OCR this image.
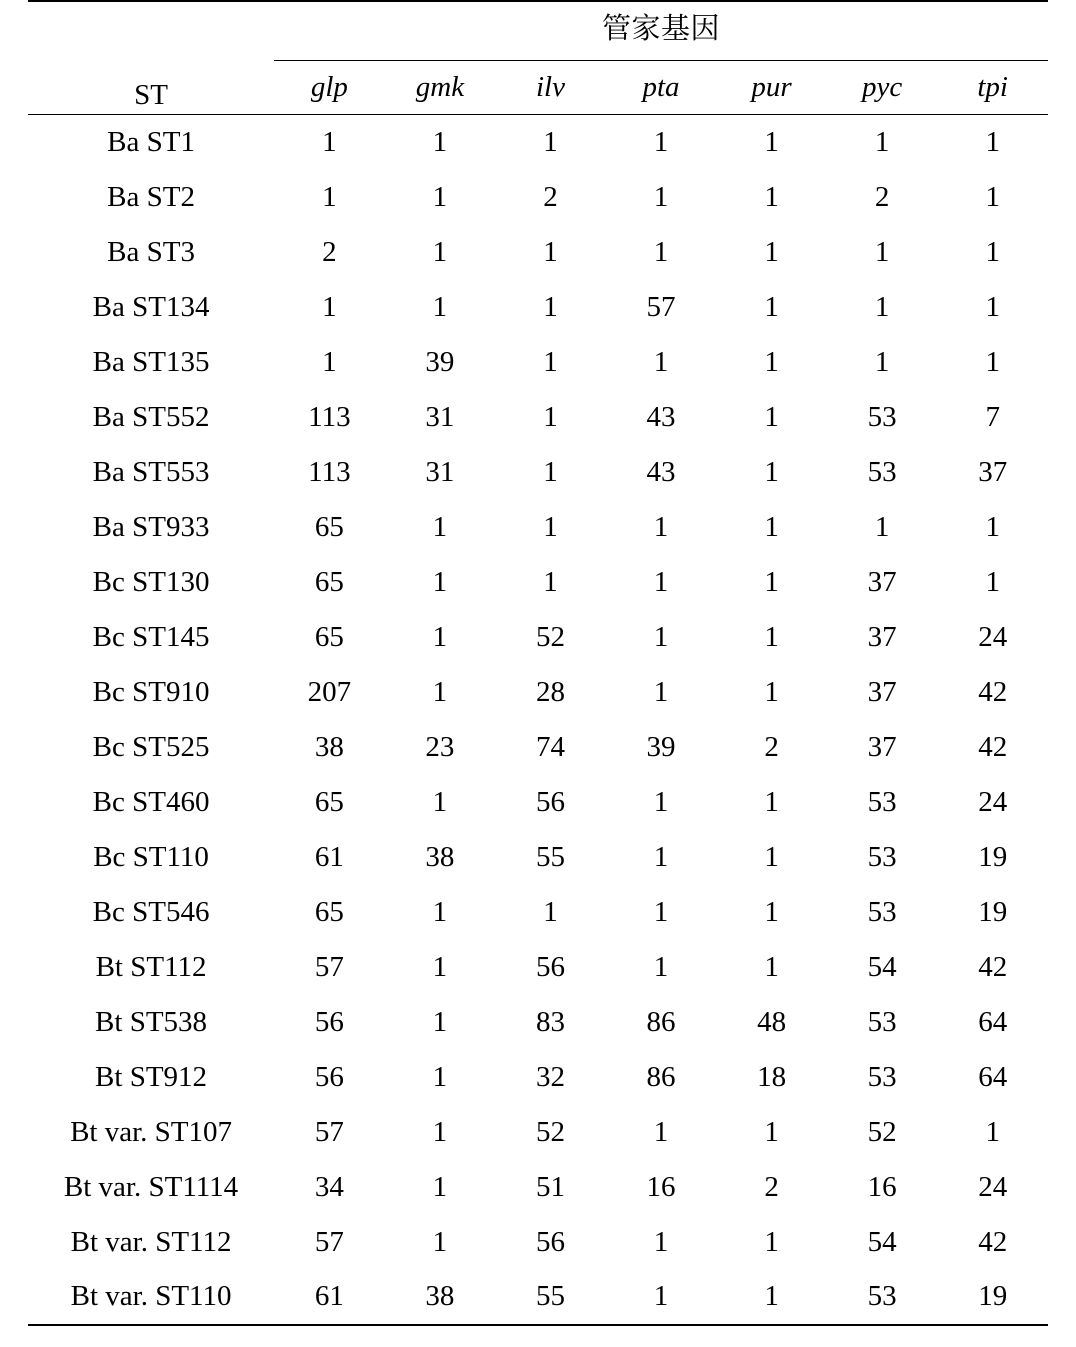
ST	管家基因						
	glp	gmk	ilv	pta	pur	pyc	tpi

Ba ST1	1	1	1	1	1	1	1
Ba ST2	1	1	2	1	1	2	1
Ba ST3	2	1	1	1	1	1	1
Ba ST134	1	1	1	57	1	1	1
Ba ST135	1	39	1	1	1	1	1
Ba ST552	113	31	1	43	1	53	7
Ba ST553	113	31	1	43	1	53	37
Ba ST933	65	1	1	1	1	1	1
Bc ST130	65	1	1	1	1	37	1
Bc ST145	65	1	52	1	1	37	24
Bc ST910	207	1	28	1	1	37	42
Bc ST525	38	23	74	39	2	37	42
Bc ST460	65	1	56	1	1	53	24
Bc ST110	61	38	55	1	1	53	19
Bc ST546	65	1	1	1	1	53	19
Bt ST112	57	1	56	1	1	54	42
Bt ST538	56	1	83	86	48	53	64
Bt ST912	56	1	32	86	18	53	64
Bt var. ST107	57	1	52	1	1	52	1
Bt var. ST1114	34	1	51	16	2	16	24
Bt var. ST112	57	1	56	1	1	54	42
Bt var. ST110	61	38	55	1	1	53	19
